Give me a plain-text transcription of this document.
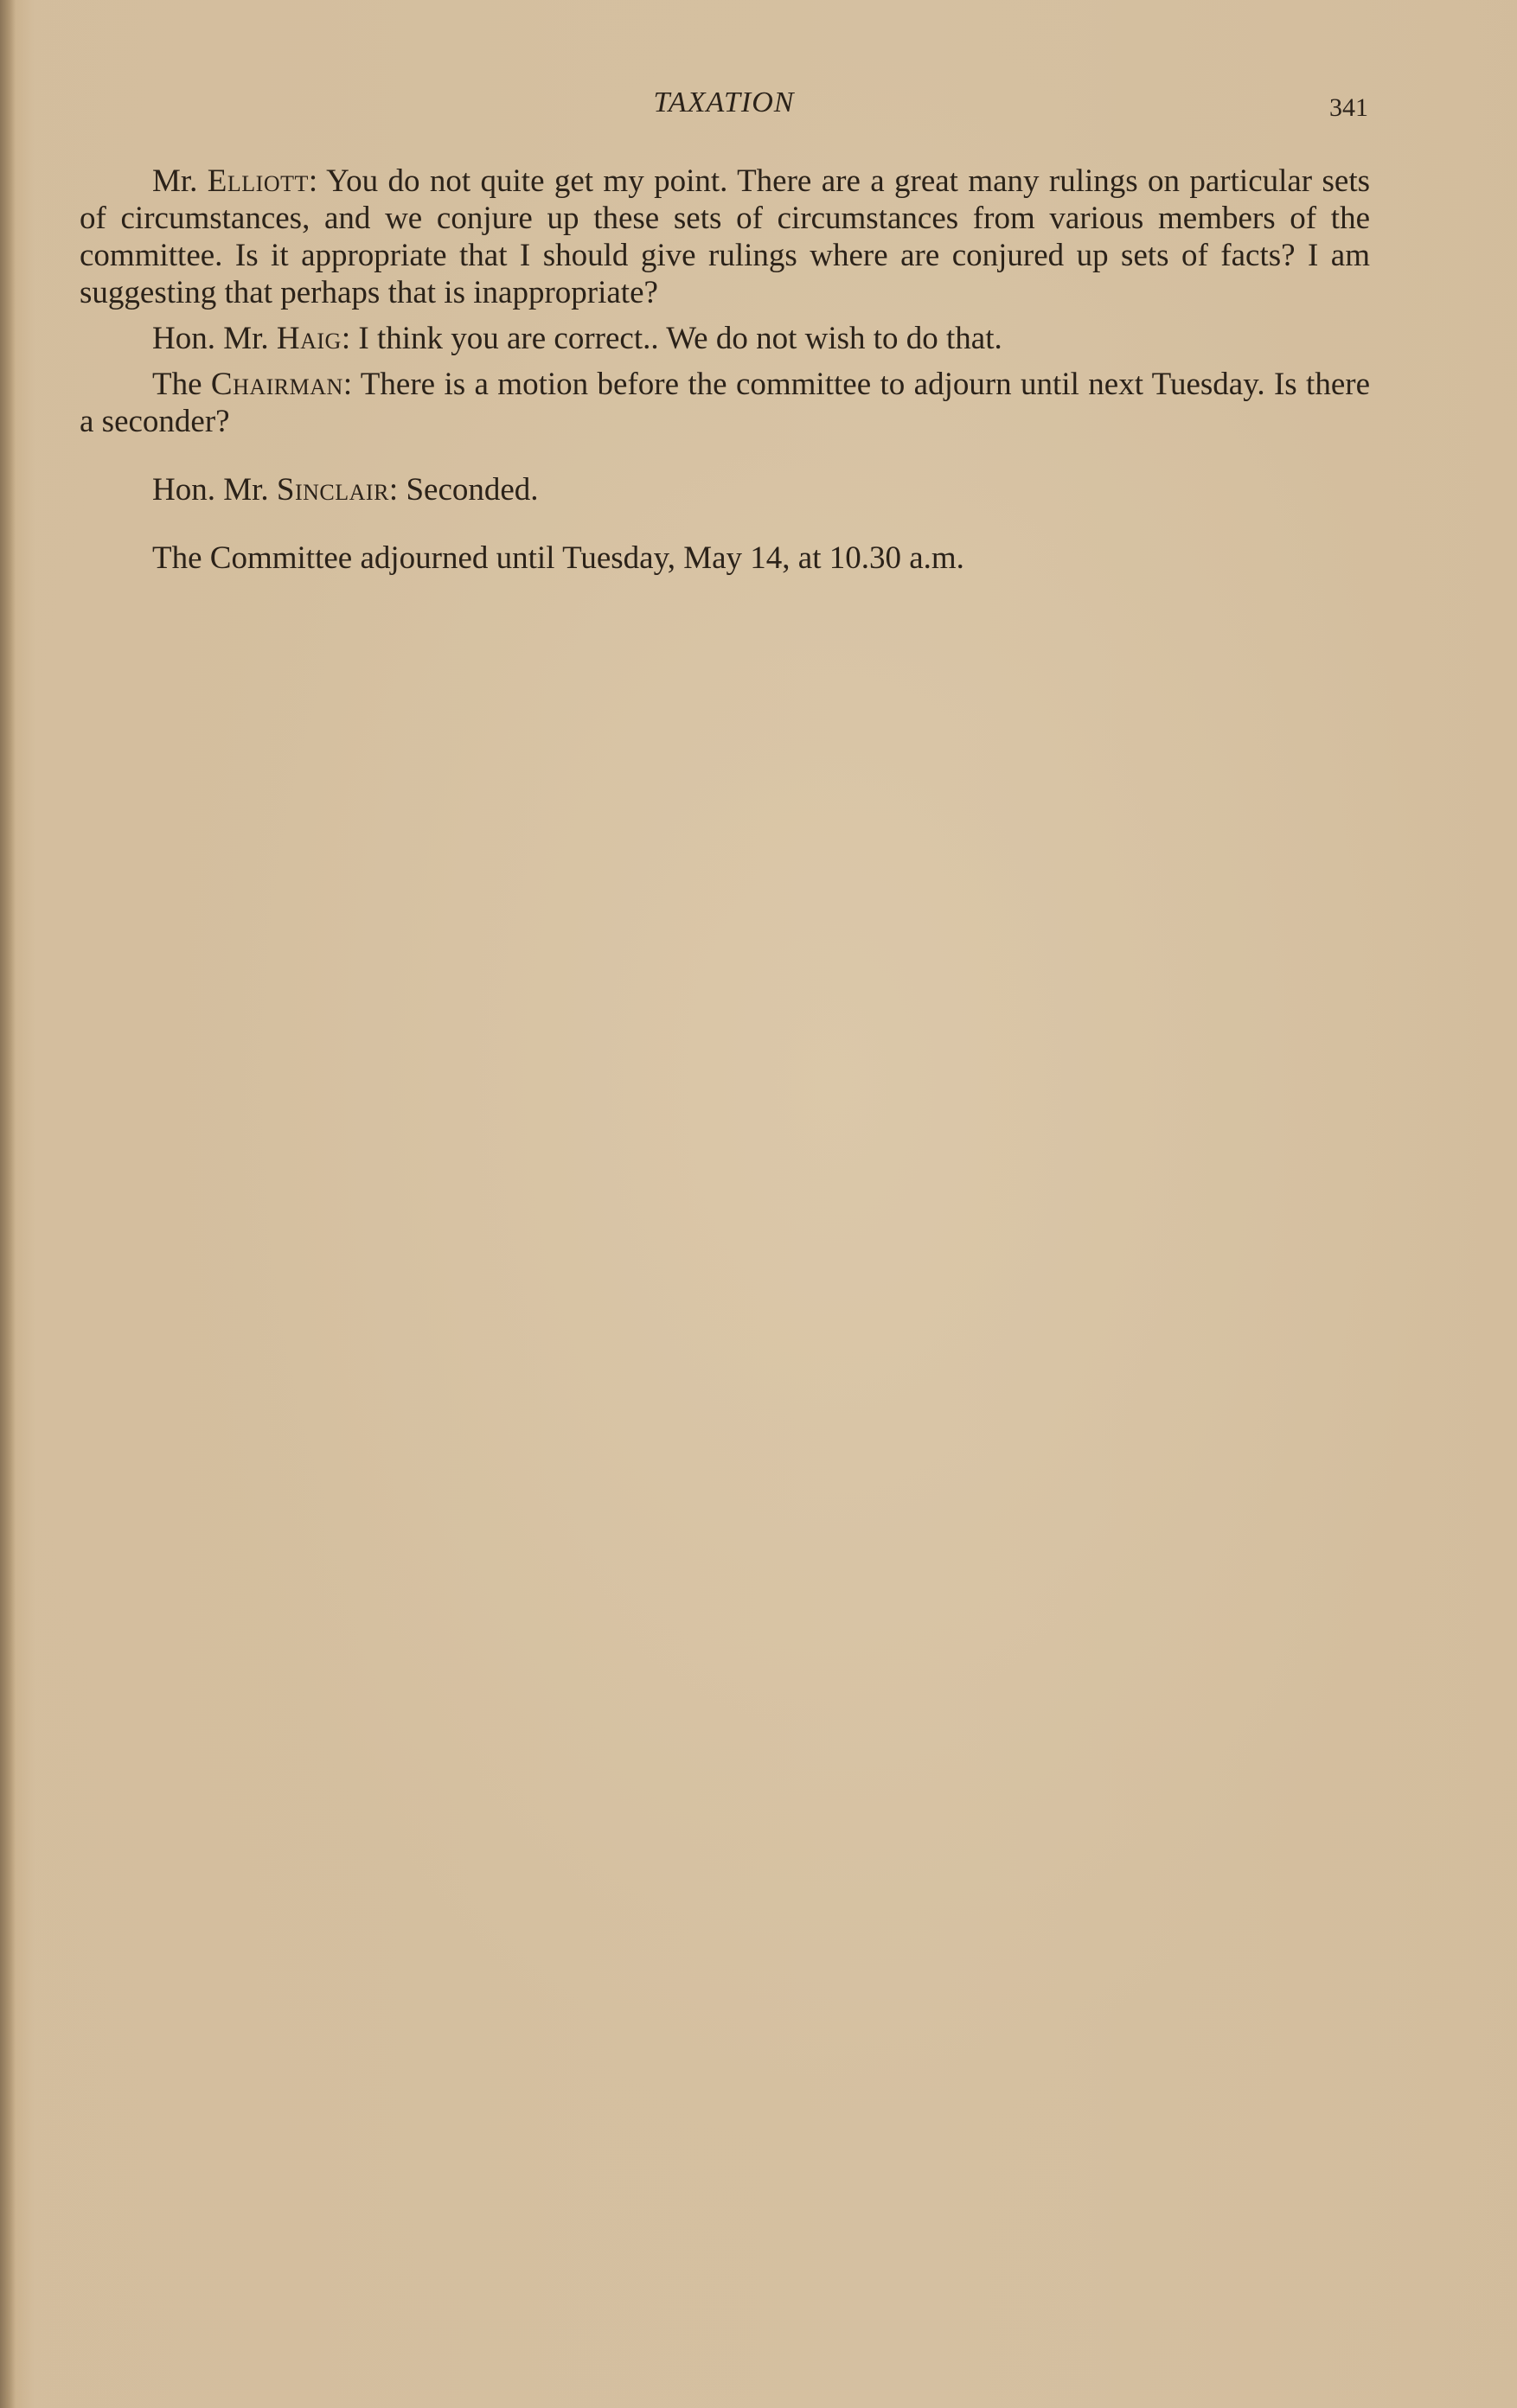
TAXATION	341

Mr. Elliott: You do not quite get my point. There are a great many rulings on particular sets of circumstances, and we conjure up these sets of circumstances from various members of the committee. Is it appropriate that I should give rulings where are conjured up sets of facts? I am suggesting that perhaps that is inappropriate?

Hon. Mr. Haig: I think you are correct.. We do not wish to do that.

The Chairman: There is a motion before the committee to adjourn until next Tuesday. Is there a seconder?

Hon. Mr. Sinclair: Seconded.

The Committee adjourned until Tuesday, May 14, at 10.30 a.m.
